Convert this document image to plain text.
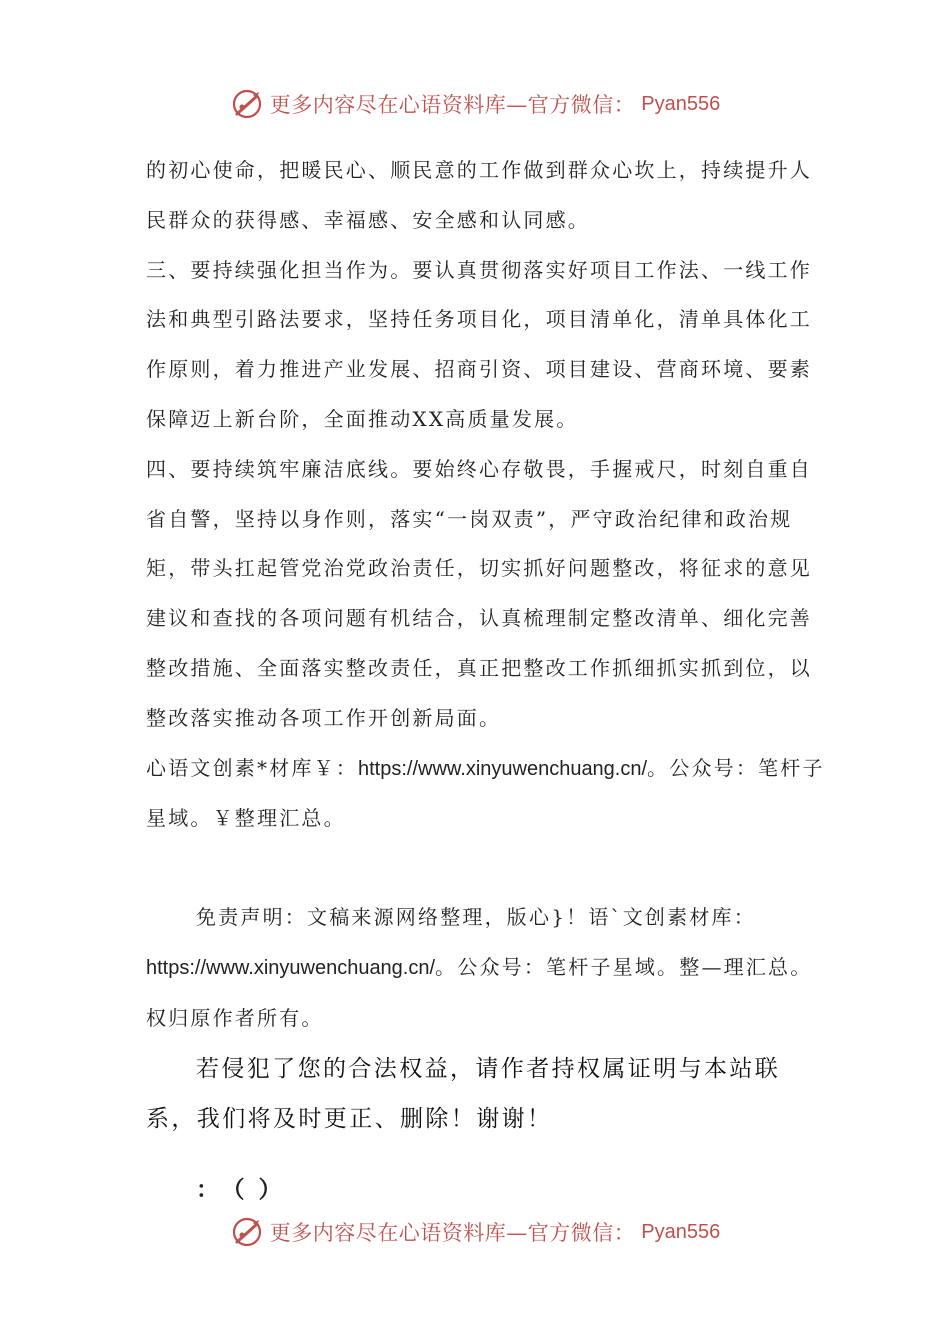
更多内容尽在心语资料库—官方微信： Pyan556

的初心使命，把暖民心、顺民意的工作做到群众心坎上，持续提升人民群众的获得感、幸福感、安全感和认同感。

三、要持续强化担当作为。要认真贯彻落实好项目工作法、一线工作法和典型引路法要求，坚持任务项目化，项目清单化，清单具体化工作原则，着力推进产业发展、招商引资、项目建设、营商环境、要素保障迈上新台阶，全面推动XX高质量发展。

四、要持续筑牢廉洁底线。要始终心存敬畏，手握戒尺，时刻自重自省自警，坚持以身作则，落实“一岗双责”，严守政治纪律和政治规矩，带头扛起管党治党政治责任，切实抓好问题整改，将征求的意见建议和查找的各项问题有机结合，认真梳理制定整改清单、细化完善整改措施、全面落实整改责任，真正把整改工作抓细抓实抓到位，以整改落实推动各项工作开创新局面。

心语文创素*材库￥：https://www.xinyuwenchuang.cn/。公众号：笔杆子星域。￥整理汇总。

免责声明：文稿来源网络整理，版心}！语`文创素材库：https://www.xinyuwenchuang.cn/。公众号：笔杆子星域。整—理汇总。权归原作者所有。

若侵犯了您的合法权益，请作者持权属证明与本站联系，我们将及时更正、删除！谢谢！

：（）

更多内容尽在心语资料库—官方微信： Pyan556
